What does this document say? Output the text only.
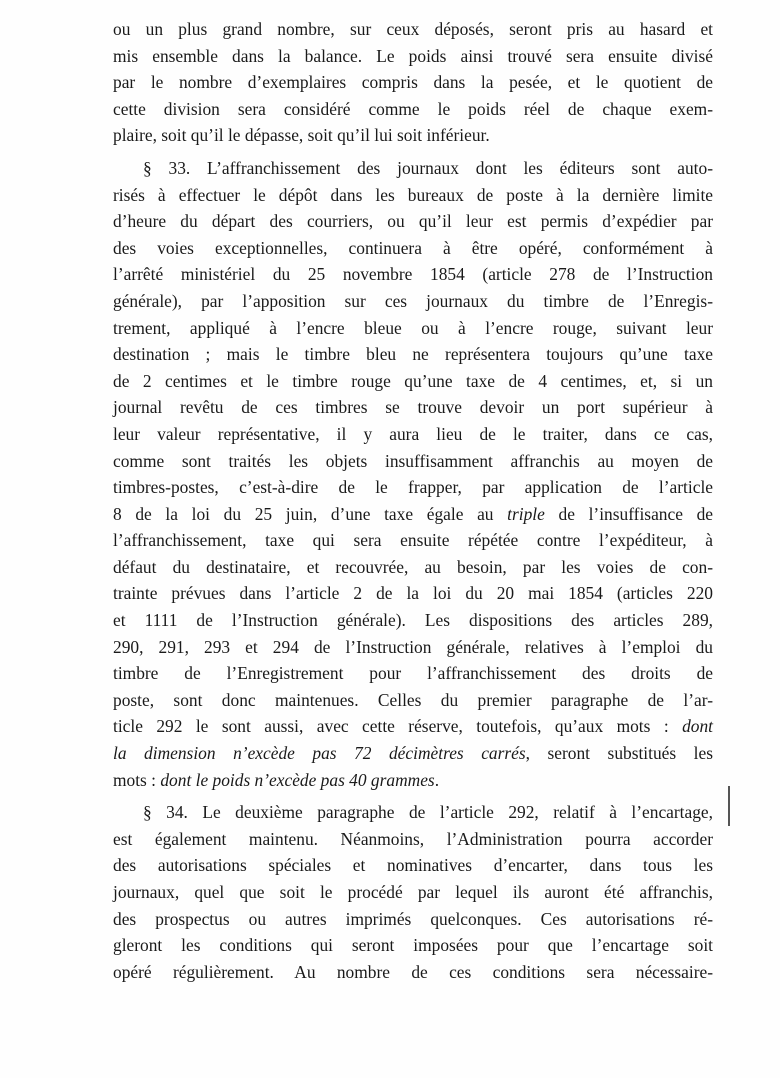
ou un plus grand nombre, sur ceux déposés, seront pris au hasard et
mis ensemble dans la balance. Le poids ainsi trouvé sera ensuite divisé
par le nombre d’exemplaires compris dans la pesée, et le quotient de
cette division sera considéré comme le poids réel de chaque exem-
plaire, soit qu’il le dépasse, soit qu’il lui soit inférieur.
§ 33. L’affranchissement des journaux dont les éditeurs sont auto-
risés à effectuer le dépôt dans les bureaux de poste à la dernière limite
d’heure du départ des courriers, ou qu’il leur est permis d’expédier par
des voies exceptionnelles, continuera à être opéré, conformément à
l’arrêté ministériel du 25 novembre 1854 (article 278 de l’Instruction
générale), par l’apposition sur ces journaux du timbre de l’Enregis-
trement, appliqué à l’encre bleue ou à l’encre rouge, suivant leur
destination ; mais le timbre bleu ne représentera toujours qu’une taxe
de 2 centimes et le timbre rouge qu’une taxe de 4 centimes, et, si un
journal revêtu de ces timbres se trouve devoir un port supérieur à
leur valeur représentative, il y aura lieu de le traiter, dans ce cas,
comme sont traités les objets insuffisamment affranchis au moyen de
timbres-postes, c’est-à-dire de le frapper, par application de l’article
8 de la loi du 25 juin, d’une taxe égale au triple de l’insuffisance de
l’affranchissement, taxe qui sera ensuite répétée contre l’expéditeur, à
défaut du destinataire, et recouvrée, au besoin, par les voies de con-
trainte prévues dans l’article 2 de la loi du 20 mai 1854 (articles 220
et 1111 de l’Instruction générale). Les dispositions des articles 289,
290, 291, 293 et 294 de l’Instruction générale, relatives à l’emploi du
timbre de l’Enregistrement pour l’affranchissement des droits de
poste, sont donc maintenues. Celles du premier paragraphe de l’ar-
ticle 292 le sont aussi, avec cette réserve, toutefois, qu’aux mots : dont
la dimension n’excède pas 72 décimètres carrés, seront substitués les
mots : dont le poids n’excède pas 40 grammes.
§ 34. Le deuxième paragraphe de l’article 292, relatif à l’encartage,
est également maintenu. Néanmoins, l’Administration pourra accorder
des autorisations spéciales et nominatives d’encarter, dans tous les
journaux, quel que soit le procédé par lequel ils auront été affranchis,
des prospectus ou autres imprimés quelconques. Ces autorisations ré-
gleront les conditions qui seront imposées pour que l’encartage soit
opéré régulièrement. Au nombre de ces conditions sera nécessaire-
